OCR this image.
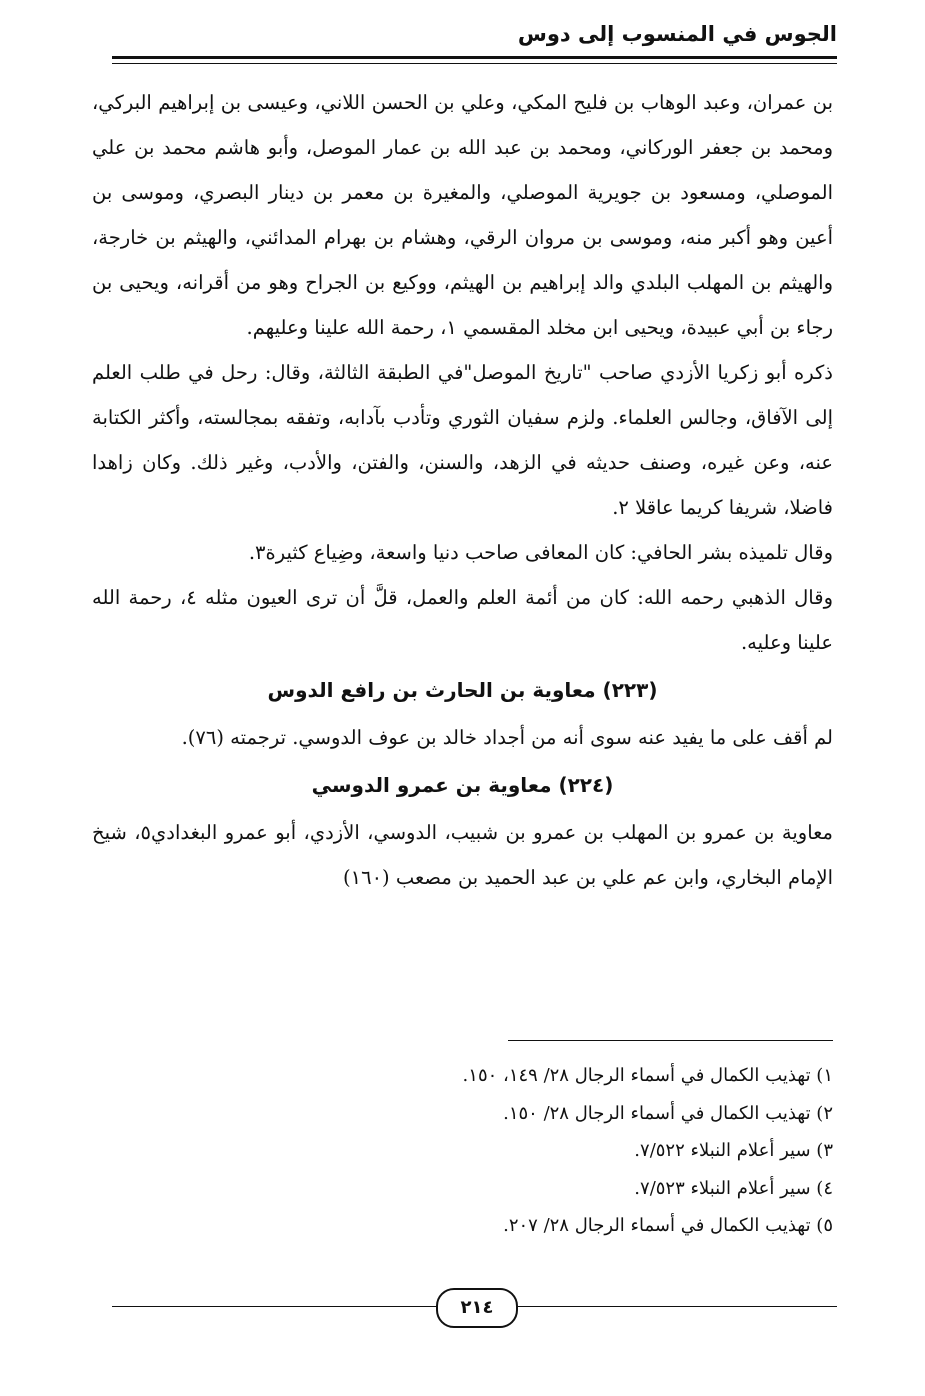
الجوس في المنسوب إلى دوس

بن عمران، وعبد الوهاب بن فليح المكي، وعلي بن الحسن اللاني، وعيسى بن إبراهيم البركي، ومحمد بن جعفر الوركاني، ومحمد بن عبد الله بن عمار الموصل، وأبو هاشم محمد بن علي الموصلي، ومسعود بن جويرية الموصلي، والمغيرة بن معمر بن دينار البصري، وموسى بن أعين وهو أكبر منه، وموسى بن مروان الرقي، وهشام بن بهرام المدائني، والهيثم بن خارجة، والهيثم بن المهلب البلدي والد إبراهيم بن الهيثم، ووكيع بن الجراح وهو من أقرانه، ويحيى بن رجاء بن أبي عبيدة، ويحيى ابن مخلد المقسمي ١، رحمة الله علينا وعليهم.

ذكره أبو زكريا الأزدي صاحب "تاريخ الموصل"في الطبقة الثالثة، وقال: رحل في طلب العلم إلى الآفاق، وجالس العلماء. ولزم سفيان الثوري وتأدب بآدابه، وتفقه بمجالسته، وأكثر الكتابة عنه، وعن غيره، وصنف حديثه في الزهد، والسنن، والفتن، والأدب، وغير ذلك. وكان زاهدا فاضلا، شريفا كريما عاقلا ٢.

وقال تلميذه بشر الحافي: كان المعافى صاحب دنيا واسعة، وضِياع كثيرة٣.

وقال الذهبي رحمه الله: كان من أئمة العلم والعمل، قلَّ أن ترى العيون مثله ٤، رحمة الله علينا وعليه.

(٢٢٣) معاوية بن الحارث بن رافع الدوس

لم أقف على ما يفيد عنه سوى أنه من أجداد خالد بن عوف الدوسي. ترجمته (٧٦).

(٢٢٤) معاوية بن عمرو الدوسي

معاوية بن عمرو بن المهلب بن عمرو بن شبيب، الدوسي، الأزدي، أبو عمرو البغدادي٥، شيخ الإمام البخاري، وابن عم علي بن عبد الحميد بن مصعب (١٦٠)

١) تهذيب الكمال في أسماء الرجال ٢٨/ ١٤٩، ١٥٠.
٢) تهذيب الكمال في أسماء الرجال ٢٨/ ١٥٠.
٣) سير أعلام النبلاء ٧/٥٢٢.
٤) سير أعلام النبلاء ٧/٥٢٣.
٥) تهذيب الكمال في أسماء الرجال ٢٨/ ٢٠٧.
٢١٤
